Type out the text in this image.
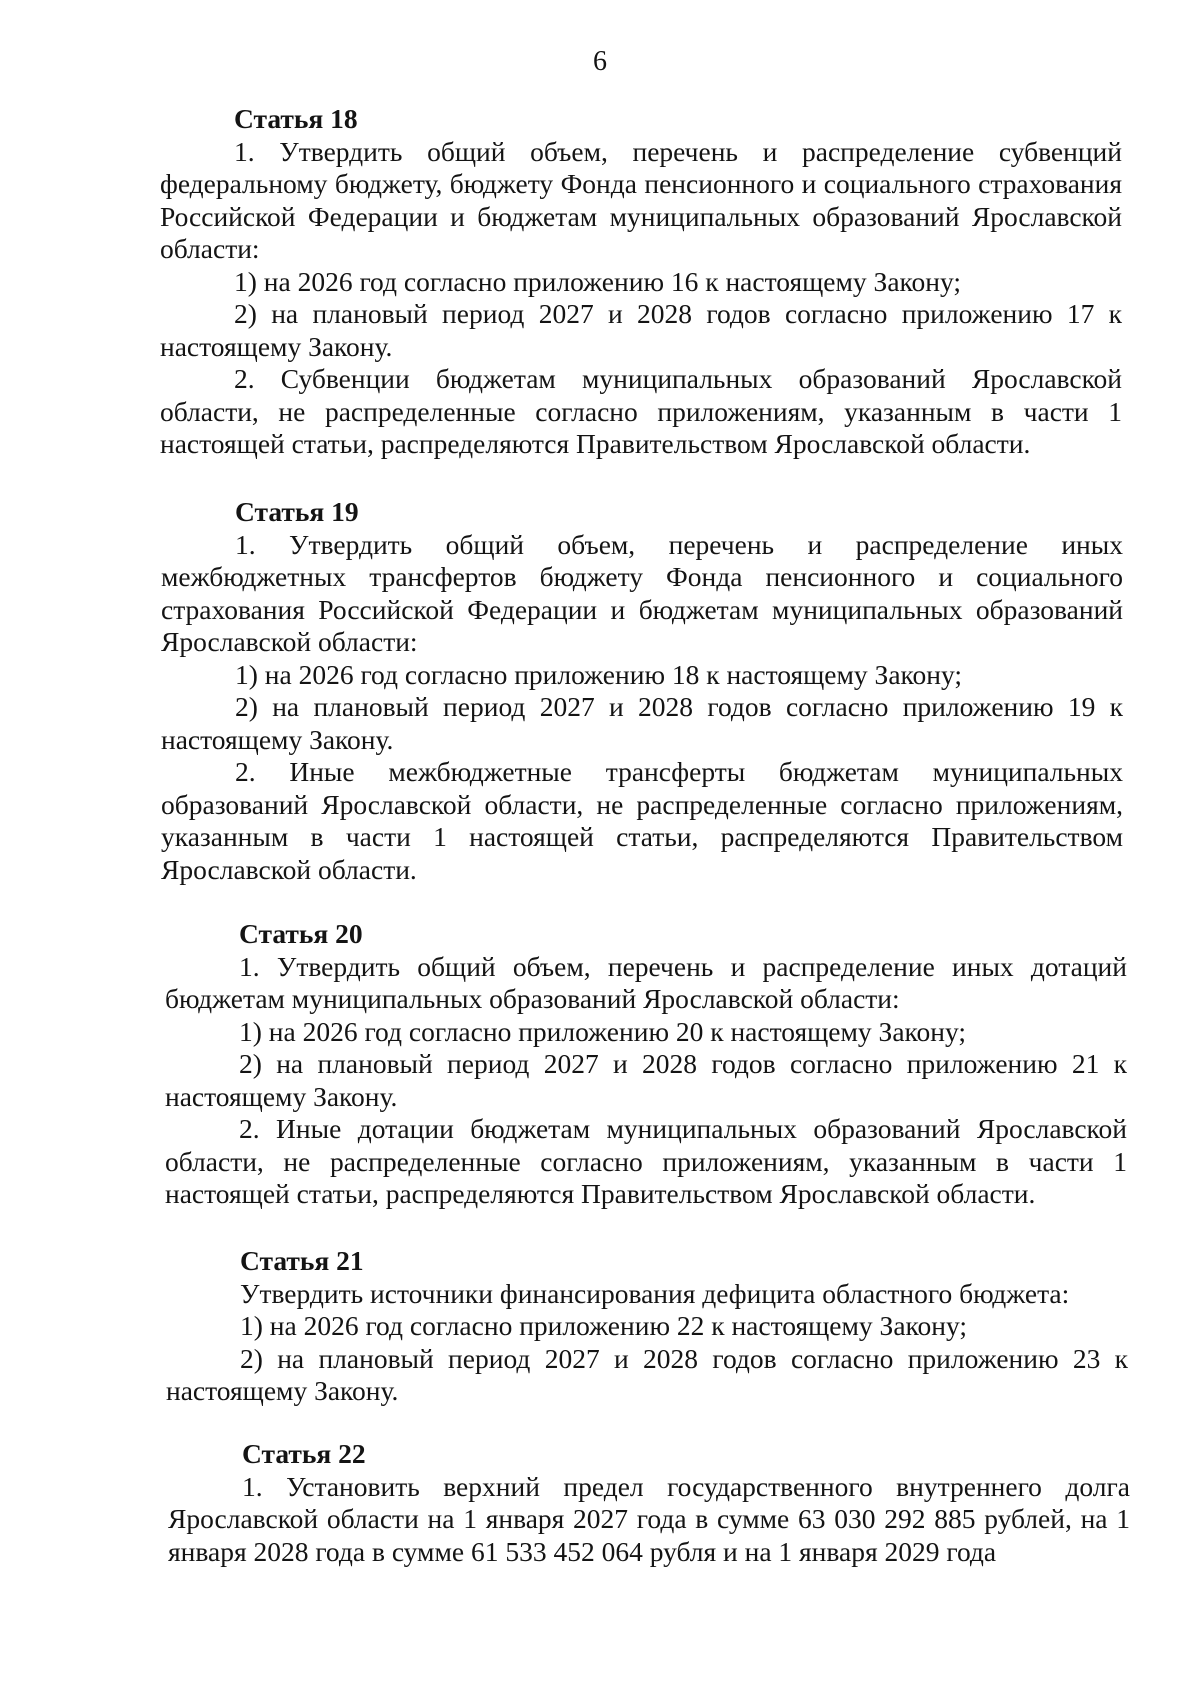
6

Статья 18

1. Утвердить общий объем, перечень и распределение субвенций федеральному бюджету, бюджету Фонда пенсионного и социального страхования Российской Федерации и бюджетам муниципальных образований Ярославской области:

1) на 2026 год согласно приложению 16 к настоящему Закону;

2) на плановый период 2027 и 2028 годов согласно приложению 17 к настоящему Закону.

2. Субвенции бюджетам муниципальных образований Ярославской области, не распределенные согласно приложениям, указанным в части 1 настоящей статьи, распределяются Правительством Ярославской области.

Статья 19

1. Утвердить общий объем, перечень и распределение иных межбюджетных трансфертов бюджету Фонда пенсионного и социального страхования Российской Федерации и бюджетам муниципальных образований Ярославской области:

1) на 2026 год согласно приложению 18 к настоящему Закону;

2) на плановый период 2027 и 2028 годов согласно приложению 19 к настоящему Закону.

2. Иные межбюджетные трансферты бюджетам муниципальных образований Ярославской области, не распределенные согласно приложениям, указанным в части 1 настоящей статьи, распределяются Правительством Ярославской области.

Статья 20

1. Утвердить общий объем, перечень и распределение иных дотаций бюджетам муниципальных образований Ярославской области:

1) на 2026 год согласно приложению 20 к настоящему Закону;

2) на плановый период 2027 и 2028 годов согласно приложению 21 к настоящему Закону.

2. Иные дотации бюджетам муниципальных образований Ярославской области, не распределенные согласно приложениям, указанным в части 1 настоящей статьи, распределяются Правительством Ярославской области.

Статья 21

Утвердить источники финансирования дефицита областного бюджета:

1) на 2026 год согласно приложению 22 к настоящему Закону;

2) на плановый период 2027 и 2028 годов согласно приложению 23 к настоящему Закону.

Статья 22

1. Установить верхний предел государственного внутреннего долга Ярославской области на 1 января 2027 года в сумме 63 030 292 885 рублей, на 1 января 2028 года в сумме 61 533 452 064 рубля и на 1 января 2029 года
